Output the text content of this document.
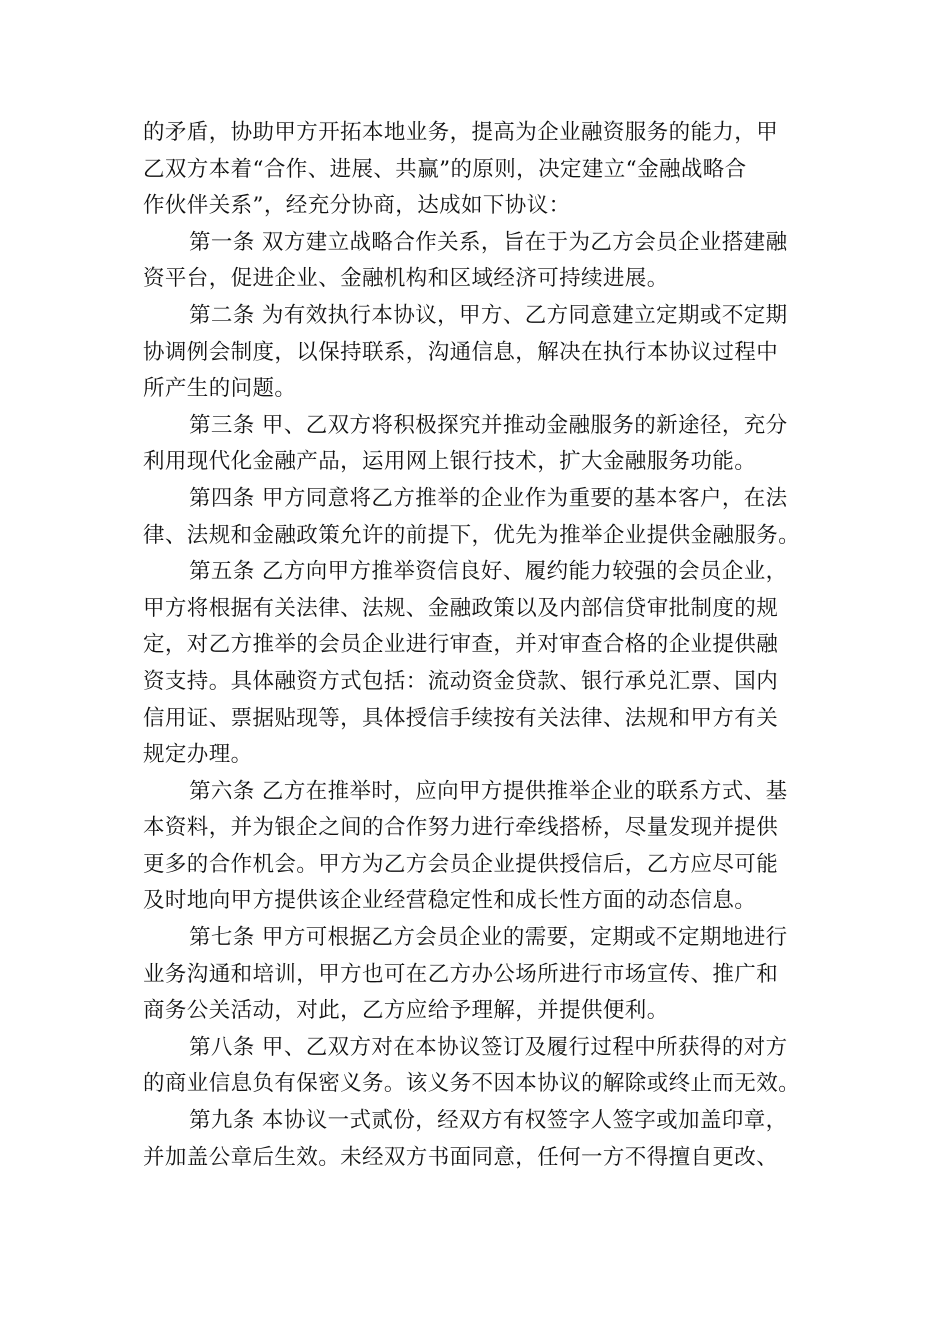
的矛盾，协助甲方开拓本地业务，提高为企业融资服务的能力，甲
乙双方本着“合作、进展、共赢”的原则，决定建立“金融战略合
作伙伴关系”，经充分协商，达成如下协议：
第一条 双方建立战略合作关系，旨在于为乙方会员企业搭建融
资平台，促进企业、金融机构和区域经济可持续进展。
第二条 为有效执行本协议，甲方、乙方同意建立定期或不定期
协调例会制度，以保持联系，沟通信息，解决在执行本协议过程中
所产生的问题。
第三条 甲、乙双方将积极探究并推动金融服务的新途径，充分
利用现代化金融产品，运用网上银行技术，扩大金融服务功能。
第四条 甲方同意将乙方推举的企业作为重要的基本客户，在法
律、法规和金融政策允许的前提下，优先为推举企业提供金融服务。
第五条 乙方向甲方推举资信良好、履约能力较强的会员企业，
甲方将根据有关法律、法规、金融政策以及内部信贷审批制度的规
定，对乙方推举的会员企业进行审查，并对审查合格的企业提供融
资支持。具体融资方式包括：流动资金贷款、银行承兑汇票、国内
信用证、票据贴现等，具体授信手续按有关法律、法规和甲方有关
规定办理。
第六条 乙方在推举时，应向甲方提供推举企业的联系方式、基
本资料，并为银企之间的合作努力进行牵线搭桥，尽量发现并提供
更多的合作机会。甲方为乙方会员企业提供授信后，乙方应尽可能
及时地向甲方提供该企业经营稳定性和成长性方面的动态信息。
第七条 甲方可根据乙方会员企业的需要，定期或不定期地进行
业务沟通和培训，甲方也可在乙方办公场所进行市场宣传、推广和
商务公关活动，对此，乙方应给予理解，并提供便利。
第八条 甲、乙双方对在本协议签订及履行过程中所获得的对方
的商业信息负有保密义务。该义务不因本协议的解除或终止而无效。
第九条 本协议一式贰份，经双方有权签字人签字或加盖印章，
并加盖公章后生效。未经双方书面同意，任何一方不得擅自更改、
